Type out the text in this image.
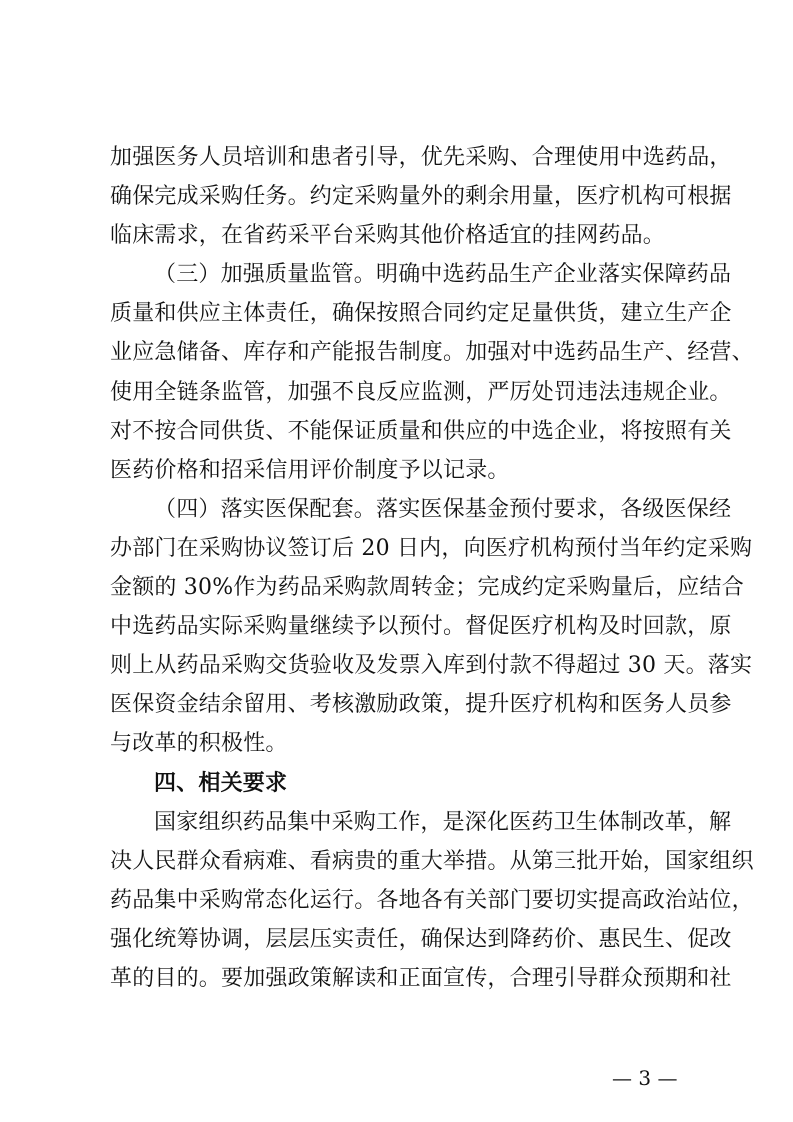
加强医务人员培训和患者引导，优先采购、合理使用中选药品，
确保完成采购任务。约定采购量外的剩余用量，医疗机构可根据
临床需求，在省药采平台采购其他价格适宜的挂网药品。
（三）加强质量监管。明确中选药品生产企业落实保障药品
质量和供应主体责任，确保按照合同约定足量供货，建立生产企
业应急储备、库存和产能报告制度。加强对中选药品生产、经营、
使用全链条监管，加强不良反应监测，严厉处罚违法违规企业。
对不按合同供货、不能保证质量和供应的中选企业，将按照有关
医药价格和招采信用评价制度予以记录。
（四）落实医保配套。落实医保基金预付要求，各级医保经
办部门在采购协议签订后 20 日内，向医疗机构预付当年约定采购
金额的 30%作为药品采购款周转金；完成约定采购量后，应结合
中选药品实际采购量继续予以预付。督促医疗机构及时回款，原
则上从药品采购交货验收及发票入库到付款不得超过 30 天。落实
医保资金结余留用、考核激励政策，提升医疗机构和医务人员参
与改革的积极性。
四、相关要求
国家组织药品集中采购工作，是深化医药卫生体制改革，解
决人民群众看病难、看病贵的重大举措。从第三批开始，国家组织
药品集中采购常态化运行。各地各有关部门要切实提高政治站位，
强化统筹协调，层层压实责任，确保达到降药价、惠民生、促改
革的目的。要加强政策解读和正面宣传，合理引导群众预期和社
— 3 —
